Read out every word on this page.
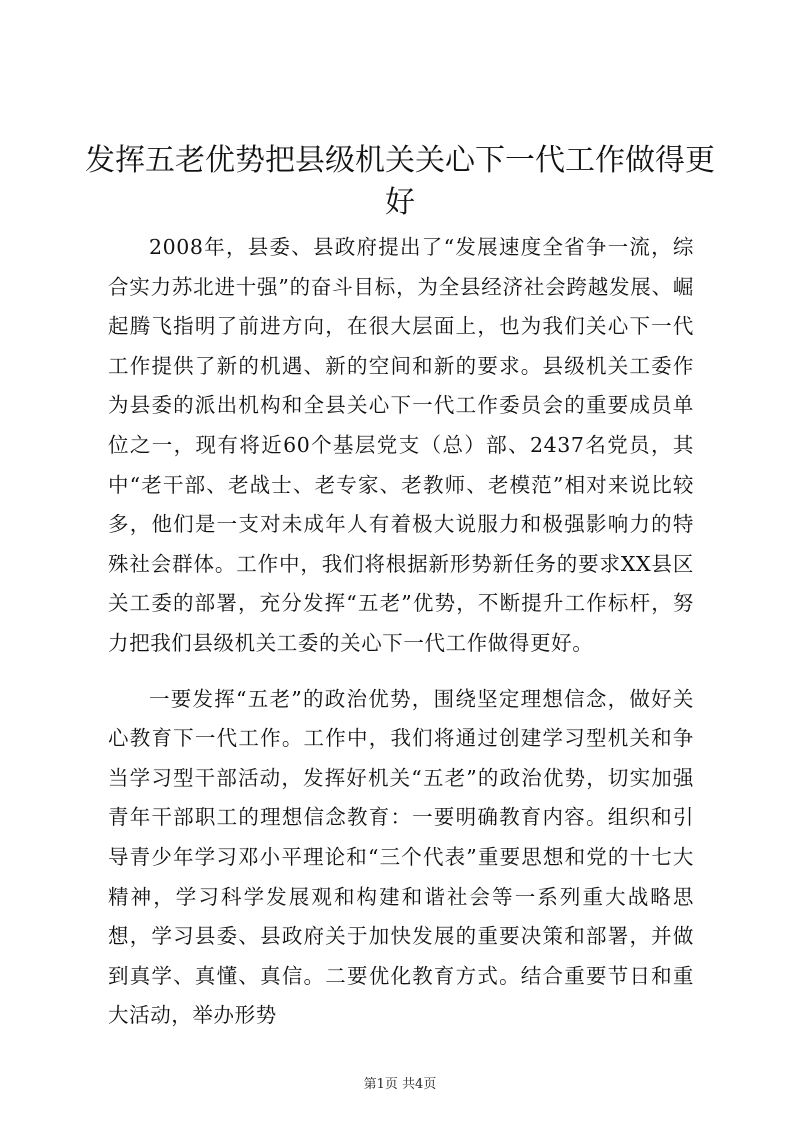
发挥五老优势把县级机关关心下一代工作做得更好

2008年，县委、县政府提出了“发展速度全省争一流，综合实力苏北进十强”的奋斗目标，为全县经济社会跨越发展、崛起腾飞指明了前进方向，在很大层面上，也为我们关心下一代工作提供了新的机遇、新的空间和新的要求。县级机关工委作为县委的派出机构和全县关心下一代工作委员会的重要成员单位之一，现有将近60个基层党支（总）部、2437名党员，其中“老干部、老战士、老专家、老教师、老模范”相对来说比较多，他们是一支对未成年人有着极大说服力和极强影响力的特殊社会群体。工作中，我们将根据新形势新任务的要求XX县区关工委的部署，充分发挥“五老”优势，不断提升工作标杆，努力把我们县级机关工委的关心下一代工作做得更好。

一要发挥“五老”的政治优势，围绕坚定理想信念，做好关心教育下一代工作。工作中，我们将通过创建学习型机关和争当学习型干部活动，发挥好机关“五老”的政治优势，切实加强青年干部职工的理想信念教育：一要明确教育内容。组织和引导青少年学习邓小平理论和“三个代表”重要思想和党的十七大精神，学习科学发展观和构建和谐社会等一系列重大战略思想，学习县委、县政府关于加快发展的重要决策和部署，并做到真学、真懂、真信。二要优化教育方式。结合重要节日和重大活动，举办形势

第1页 共4页
